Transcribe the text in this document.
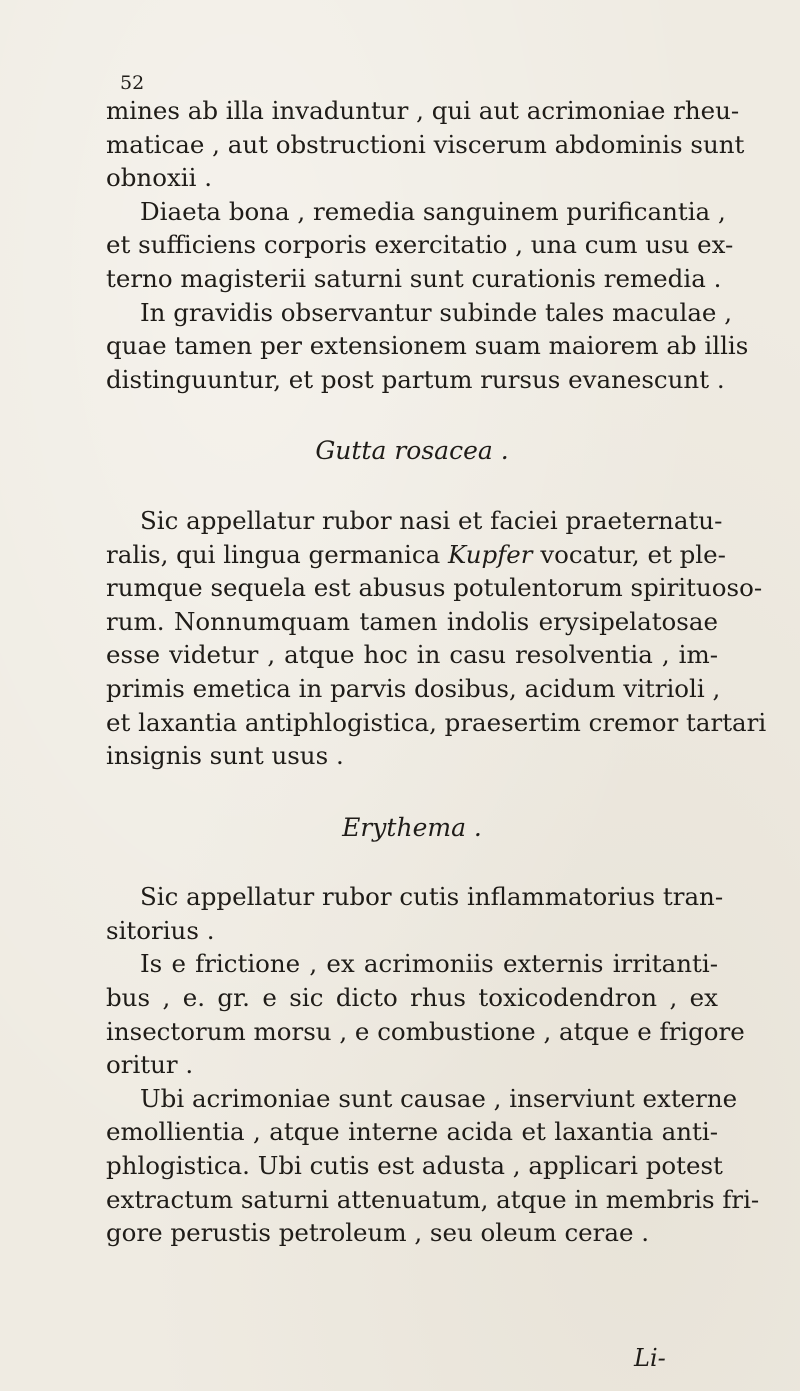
52
mines ab illa invaduntur , qui aut acrimoniae rheu-
maticae , aut obstructioni viscerum abdominis sunt
obnoxii .
Diaeta bona , remedia sanguinem purificantia ,
et sufficiens corporis exercitatio , una cum usu ex-
terno magisterii saturni sunt curationis remedia .
In gravidis observantur subinde tales maculae ,
quae tamen per extensionem suam maiorem ab illis
distinguuntur, et post partum rursus evanescunt .
Gutta rosacea .
Sic appellatur rubor nasi et faciei praeternatu-
ralis, qui lingua germanica Kupfer vocatur, et ple-
rumque sequela est abusus potulentorum spirituoso-
rum. Nonnumquam tamen indolis erysipelatosae
esse videtur , atque hoc in casu resolventia , im-
primis emetica in parvis dosibus, acidum vitrioli ,
et laxantia antiphlogistica, praesertim cremor tartari
insignis sunt usus .
Erythema .
Sic appellatur rubor cutis inflammatorius tran-
sitorius .
Is e frictione , ex acrimoniis externis irritanti-
bus , e. gr. e sic dicto rhus toxicodendron , ex
insectorum morsu , e combustione , atque e frigore
oritur .
Ubi acrimoniae sunt causae , inserviunt externe
emollientia , atque interne acida et laxantia anti-
phlogistica. Ubi cutis est adusta , applicari potest
extractum saturni attenuatum, atque in membris fri-
gore perustis petroleum , seu oleum cerae .
Li-
